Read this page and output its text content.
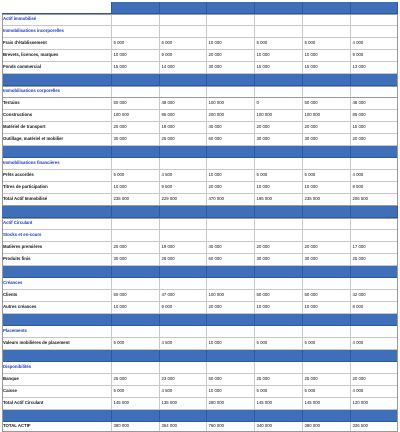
Actif immobilisé
Immobilisations incorporelles
Frais d'établissement	5 000	6 000	10 000	5 000	5 000	4 000
Brevets, licences, marques	10 000	9 000	20 000	10 000	10 000	9 000
Fonds commercial	15 000	14 000	30 000	15 000	15 000	13 000
Immobilisations corporelles
Terrains	50 000	48 000	100 000	0	50 000	48 000
Constructions	100 000	95 000	200 000	100 000	100 000	85 000
Matériel de transport	20 000	18 000	40 000	20 000	20 000	15 000
Outillage, matériel et mobilier	30 000	25 000	60 000	30 000	30 000	20 000
Immobilisations financières
Prêts accordés	5 000	4 500	10 000	5 000	5 000	4 000
Titres de participation	10 000	9 500	20 000	10 000	10 000	8 500
Total Actif Immobilisé	235 000	229 000	470 000	195 000	235 000	206 500
Actif Circulant
Stocks et en-cours
Matières premières	20 000	19 000	40 000	20 000	20 000	17 000
Produits finis	30 000	28 000	60 000	30 000	30 000	25 000
Créances
Clients	50 000	47 000	100 000	50 000	50 000	42 000
Autres créances	10 000	9 000	20 000	10 000	10 000	8 000
Placements
Valeurs mobilières de placement	5 000	4 500	10 000	5 000	5 000	4 000
Disponibilités
Banque	25 000	23 000	50 000	25 000	25 000	20 000
Caisse	5 000	4 500	10 000	5 000	5 000	4 000
Total Actif Circulant	145 000	135 000	290 000	145 000	145 000	120 000
TOTAL ACTIF	380 000	364 000	760 000	340 000	380 000	326 500
